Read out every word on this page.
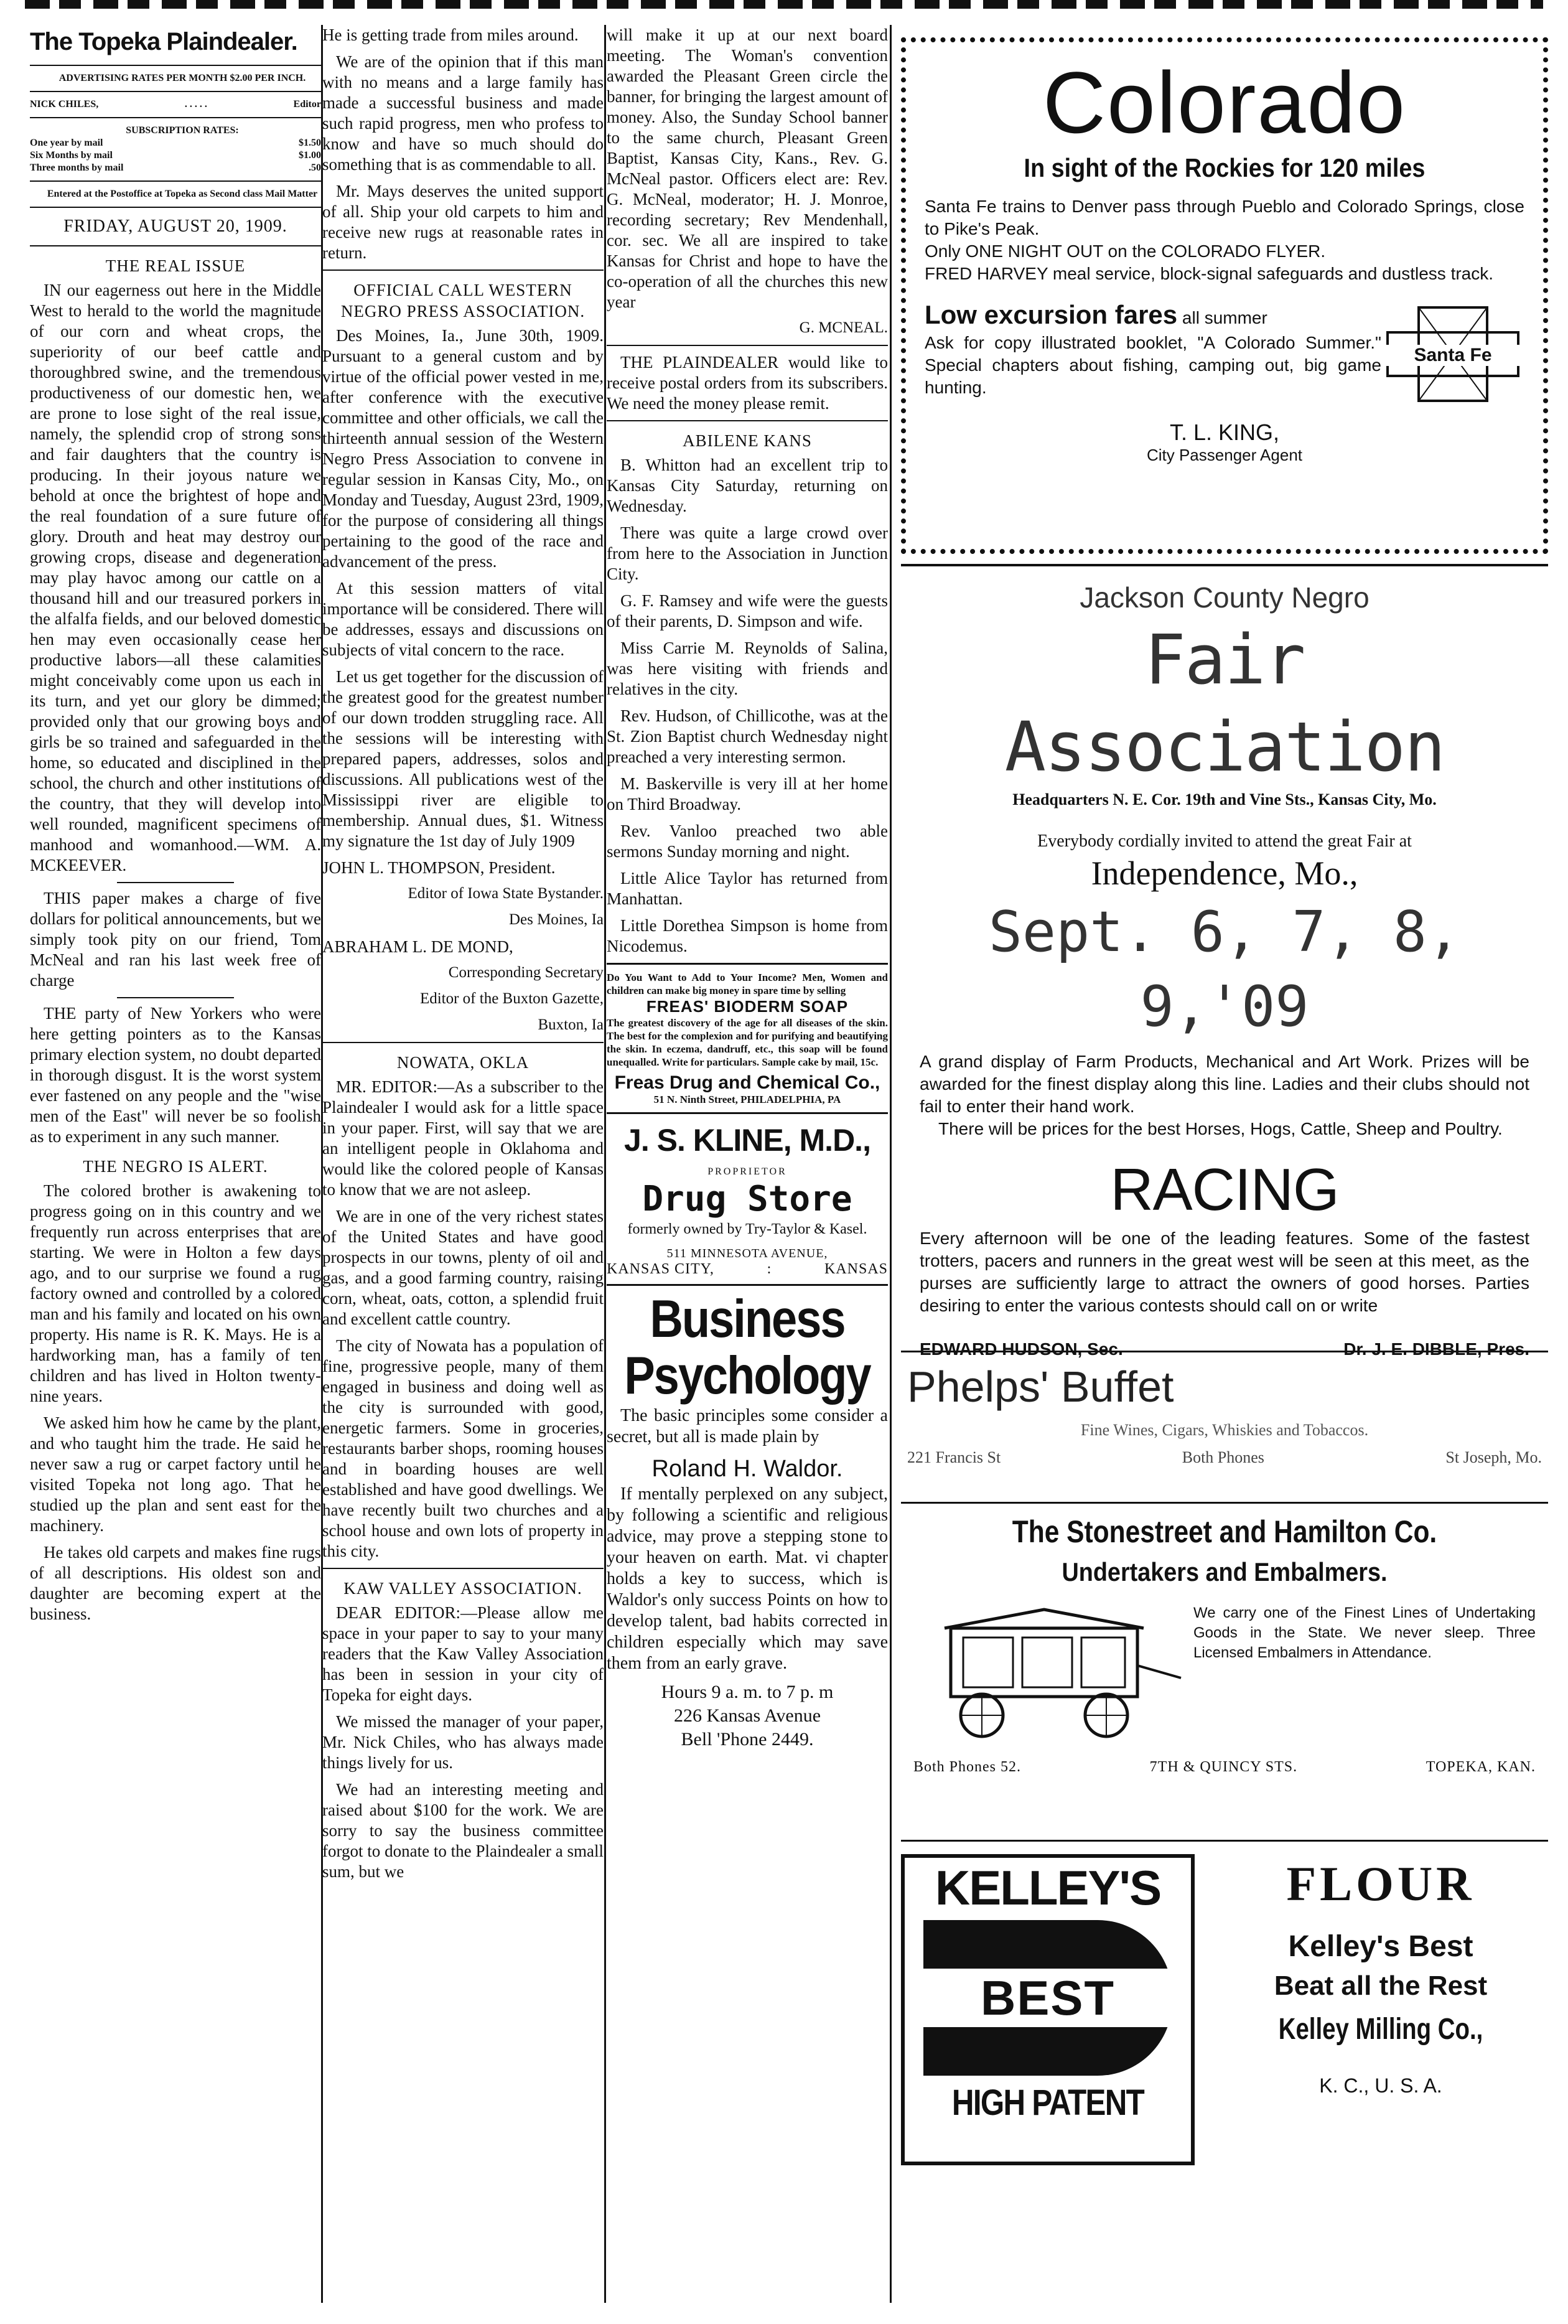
The Topeka Plaindealer.

ADVERTISING RATES PER MONTH $2.00 PER INCH.

NICK CHILES,	. . . . .	Editor

SUBSCRIPTION RATES:

One year by mail	$1.50
Six Months by mail	$1.00
Three months by mail	.50

Entered at the Postoffice at Topeka as Second class Mail Matter

FRIDAY, AUGUST 20, 1909.
THE REAL ISSUE

IN our eagerness out here in the Middle West to herald to the world the magnitude of our corn and wheat crops, the superiority of our beef cattle and thoroughbred swine, and the tremendous productiveness of our domestic hen, we are prone to lose sight of the real issue, namely, the splendid crop of strong sons and fair daughters that the country is producing. In their joyous nature we behold at once the brightest of hope and the real foundation of a sure future of glory. Drouth and heat may destroy our growing crops, disease and degeneration may play havoc among our cattle on a thousand hill and our treasured porkers in the alfalfa fields, and our beloved domestic hen may even occasionally cease her productive labors—all these calamities might conceivably come upon us each in its turn, and yet our glory be dimmed; provided only that our growing boys and girls be so trained and safeguarded in the home, so educated and disciplined in the school, the church and other institutions of the country, that they will develop into well rounded, magnificent specimens of manhood and womanhood.—WM. A. MCKEEVER.

THIS paper makes a charge of five dollars for political announcements, but we simply took pity on our friend, Tom McNeal and ran his last week free of charge

THE party of New Yorkers who were here getting pointers as to the Kansas primary election system, no doubt departed in thorough disgust. It is the worst system ever fastened on any people and the "wise men of the East" will never be so foolish as to experiment in any such manner.

THE NEGRO IS ALERT.

The colored brother is awakening to progress going on in this country and we frequently run across enterprises that are starting. We were in Holton a few days ago, and to our surprise we found a rug factory owned and controlled by a colored man and his family and located on his own property. His name is R. K. Mays. He is a hardworking man, has a family of ten children and has lived in Holton twenty-nine years.

We asked him how he came by the plant, and who taught him the trade. He said he never saw a rug or carpet factory until he visited Topeka not long ago. That he studied up the plan and sent east for the machinery.

He takes old carpets and makes fine rugs of all descriptions. His oldest son and daughter are becoming expert at the business.

He is getting trade from miles around.

We are of the opinion that if this man with no means and a large family has made a successful business and made such rapid progress, men who profess to know and have so much should do something that is as commendable to all.

Mr. Mays deserves the united support of all. Ship your old carpets to him and receive new rugs at reasonable rates in return.

OFFICIAL CALL WESTERN NEGRO PRESS ASSOCIATION.

Des Moines, Ia., June 30th, 1909. Pursuant to a general custom and by virtue of the official power vested in me, after conference with the executive committee and other officials, we call the thirteenth annual session of the Western Negro Press Association to convene in regular session in Kansas City, Mo., on Monday and Tuesday, August 23rd, 1909, for the purpose of considering all things pertaining to the good of the race and advancement of the press.

At this session matters of vital importance will be considered. There will be addresses, essays and discussions on subjects of vital concern to the race.

Let us get together for the discussion of the greatest good for the greatest number of our down trodden struggling race. All the sessions will be interesting with prepared papers, addresses, solos and discussions. All publications west of the Mississippi river are eligible to membership. Annual dues, $1. Witness my signature the 1st day of July 1909

JOHN L. THOMPSON, President.

Editor of Iowa State Bystander.
Des Moines, Ia

ABRAHAM L. DE MOND,

Corresponding Secretary
Editor of the Buxton Gazette,
Buxton, Ia
NOWATA, OKLA

MR. EDITOR:—As a subscriber to the Plaindealer I would ask for a little space in your paper. First, will say that we are an intelligent people in Oklahoma and would like the colored people of Kansas to know that we are not asleep.

We are in one of the very richest states of the United States and have good prospects in our towns, plenty of oil and gas, and a good farming country, raising corn, wheat, oats, cotton, a splendid fruit and excellent cattle country.

The city of Nowata has a population of fine, progressive people, many of them engaged in business and doing well as the city is surrounded with good, energetic farmers. Some in groceries, restaurants barber shops, rooming houses and in boarding houses are well established and have good dwellings. We have recently built two churches and a school house and own lots of property in this city.

KAW VALLEY ASSOCIATION.

DEAR EDITOR:—Please allow me space in your paper to say to your many readers that the Kaw Valley Association has been in session in your city of Topeka for eight days.

We missed the manager of your paper, Mr. Nick Chiles, who has always made things lively for us.

We had an interesting meeting and raised about $100 for the work. We are sorry to say the business committee forgot to donate to the Plaindealer a small sum, but we

will make it up at our next board meeting. The Woman's convention awarded the Pleasant Green circle the banner, for bringing the largest amount of money. Also, the Sunday School banner to the same church, Pleasant Green Baptist, Kansas City, Kans., Rev. G. McNeal pastor. Officers elect are: Rev. G. McNeal, moderator; H. J. Monroe, recording secretary; Rev Mendenhall, cor. sec. We all are inspired to take Kansas for Christ and hope to have the co-operation of all the churches this new year

G. MCNEAL.

THE PLAINDEALER would like to receive postal orders from its subscribers. We need the money please remit.

ABILENE KANS

B. Whitton had an excellent trip to Kansas City Saturday, returning on Wednesday.

There was quite a large crowd over from here to the Association in Junction City.

G. F. Ramsey and wife were the guests of their parents, D. Simpson and wife.

Miss Carrie M. Reynolds of Salina, was here visiting with friends and relatives in the city.

Rev. Hudson, of Chillicothe, was at the St. Zion Baptist church Wednesday night preached a very interesting sermon.

M. Baskerville is very ill at her home on Third Broadway.

Rev. Vanloo preached two able sermons Sunday morning and night.

Little Alice Taylor has returned from Manhattan.

Little Dorethea Simpson is home from Nicodemus.

Do You Want to Add to Your Income? Men, Women and children can make big money in spare time by selling

FREAS' BIODERM SOAP

The greatest discovery of the age for all diseases of the skin. The best for the complexion and for purifying and beautifying the skin. In eczema, dandruff, etc., this soap will be found unequalled. Write for particulars. Sample cake by mail, 15c.

Freas Drug and Chemical Co.,
51 N. Ninth Street, PHILADELPHIA, PA
J. S. KLINE, M.D.,
PROPRIETOR
Drug Store
formerly owned by Try-Taylor & Kasel.
511 MINNESOTA AVENUE,
KANSAS CITY,	:	KANSAS
Business
Psychology

The basic principles some consider a secret, but all is made plain by

Roland H. Waldor.

If mentally perplexed on any subject, by following a scientific and religious advice, may prove a stepping stone to your heaven on earth. Mat. vi chapter holds a key to success, which is Waldor's only success Points on how to develop talent, bad habits corrected in children especially which may save them from an early grave.

Hours 9 a. m. to 7 p. m
226 Kansas Avenue
Bell 'Phone 2449.
Colorado
In sight of the Rockies for 120 miles

Santa Fe trains to Denver pass through Pueblo and Colorado Springs, close to Pike's Peak.

Only ONE NIGHT OUT on the COLORADO FLYER.

FRED HARVEY meal service, block-signal safeguards and dustless track.

Low excursion fares all summer

Ask for copy illustrated booklet, "A Colorado Summer." Special chapters about fishing, camping out, big game hunting.

Santa Fe
T. L. KING,
City Passenger Agent
Jackson County Negro
Fair Association
Headquarters N. E. Cor. 19th and Vine Sts., Kansas City, Mo.
Everybody cordially invited to attend the great Fair at
Independence, Mo.,
Sept. 6, 7, 8, 9,'09

A grand display of Farm Products, Mechanical and Art Work. Prizes will be awarded for the finest display along this line. Ladies and their clubs should not fail to enter their hand work.

There will be prices for the best Horses, Hogs, Cattle, Sheep and Poultry.

RACING

Every afternoon will be one of the leading features. Some of the fastest trotters, pacers and runners in the great west will be seen at this meet, as the purses are sufficiently large to attract the owners of good horses. Parties desiring to enter the various contests should call on or write

EDWARD HUDSON, Sec.	Dr. J. E. DIBBLE, Pres.
Phelps' Buffet
Fine Wines, Cigars, Whiskies and Tobaccos.
221 Francis St	Both Phones	St Joseph, Mo.
The Stonestreet and Hamilton Co.
Undertakers and Embalmers.

We carry one of the Finest Lines of Undertaking Goods in the State. We never sleep. Three Licensed Embalmers in Attendance.

Both Phones 52.	7TH & QUINCY STS.	TOPEKA, KAN.
KELLEY'S
BEST
HIGH PATENT
FLOUR
Kelley's Best
Beat all the Rest
Kelley Milling Co.,
K. C., U. S. A.
